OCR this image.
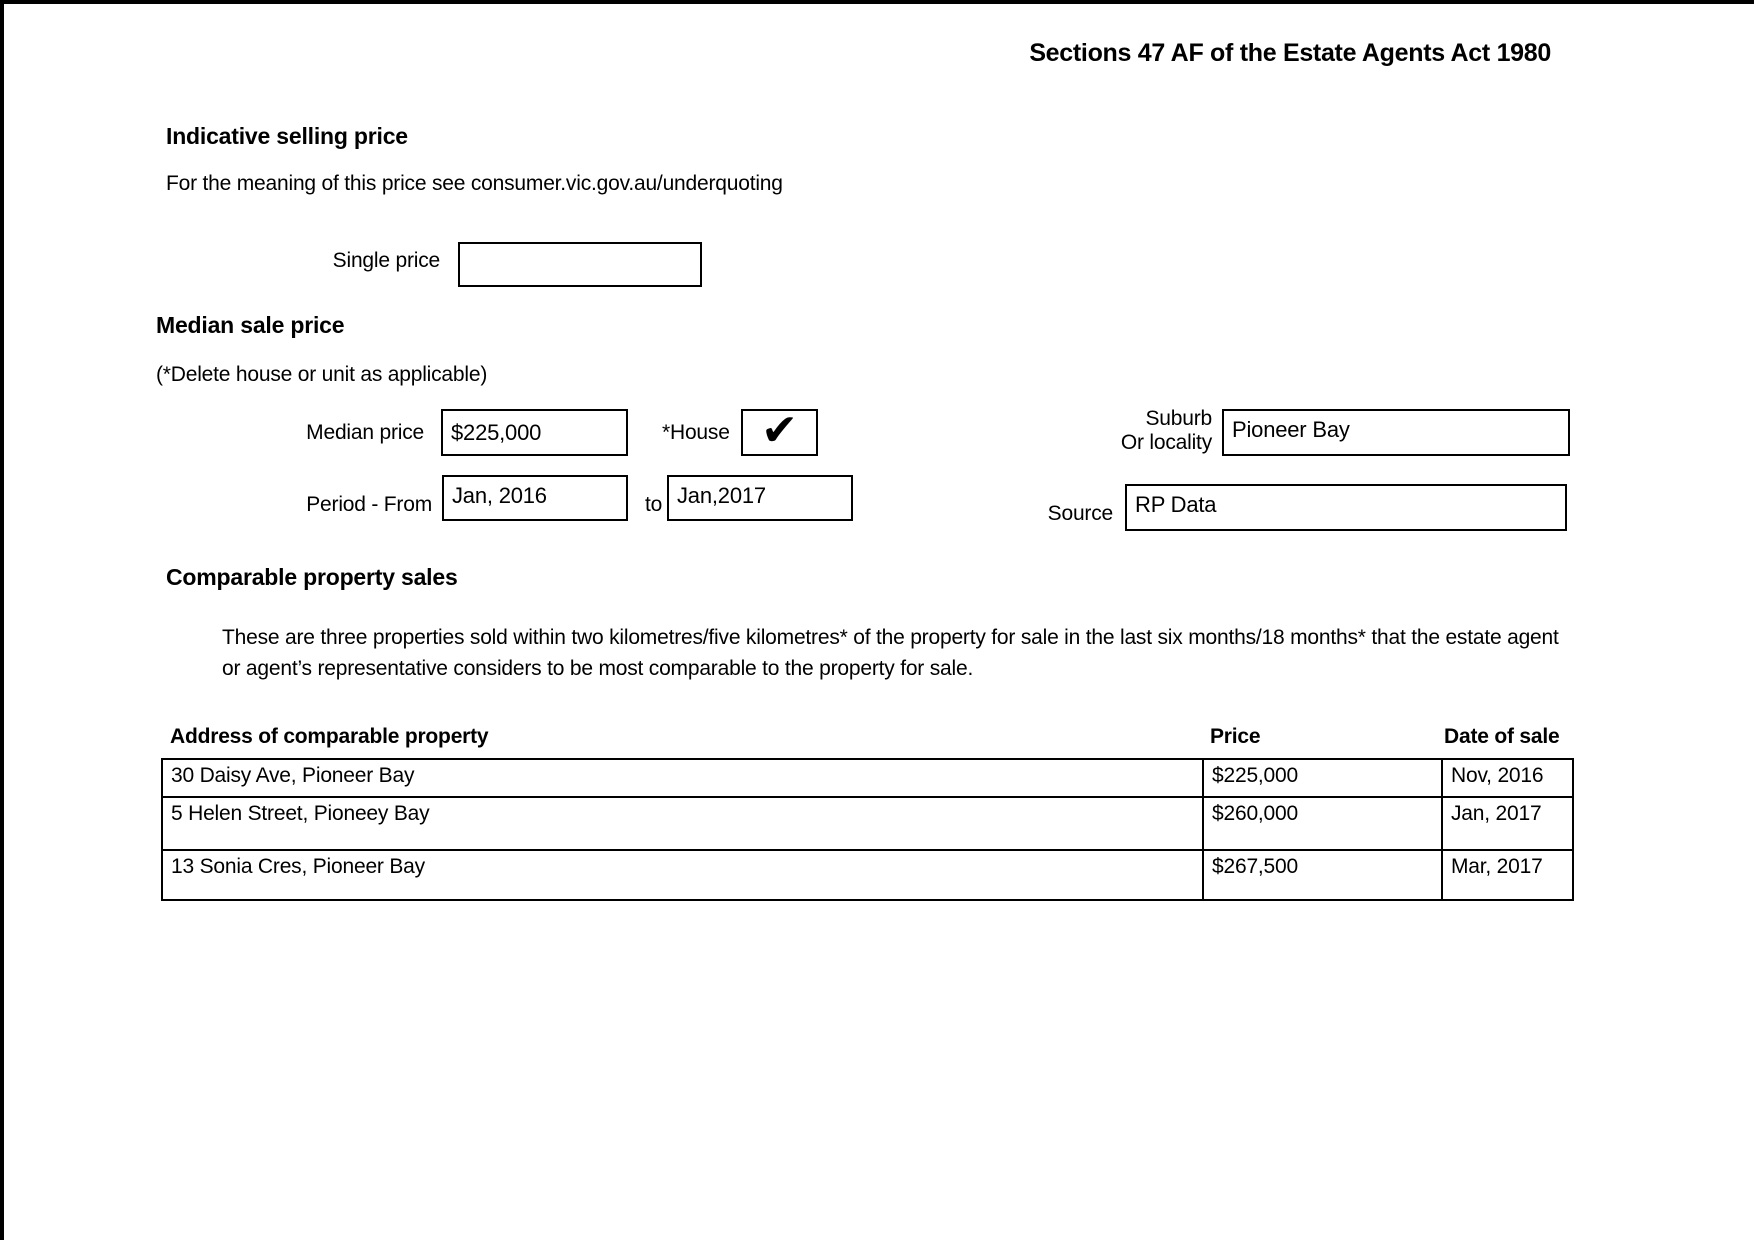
Sections 47 AF of the Estate Agents Act 1980
Indicative selling price
For the meaning of this price see consumer.vic.gov.au/underquoting
Single price
Median sale price
(*Delete house or unit as applicable)
Median price	$225,000	*House ✔	Suburb
Or locality
Pioneer Bay
Period - From Jan, 2016	to Jan,2017
Source	RP Data
Comparable property sales
These are three properties sold within two kilometres/five kilometres* of the property for sale in the last six months/18 months* that the estate agent or agent’s representative considers to be most comparable to the property for sale.
Address of comparable property	Price	Date of sale
30 Daisy Ave, Pioneer Bay	$225,000	Nov, 2016
5 Helen Street, Pioneey Bay	$260,000	Jan, 2017
13 Sonia Cres, Pioneer Bay	$267,500	Mar, 2017
